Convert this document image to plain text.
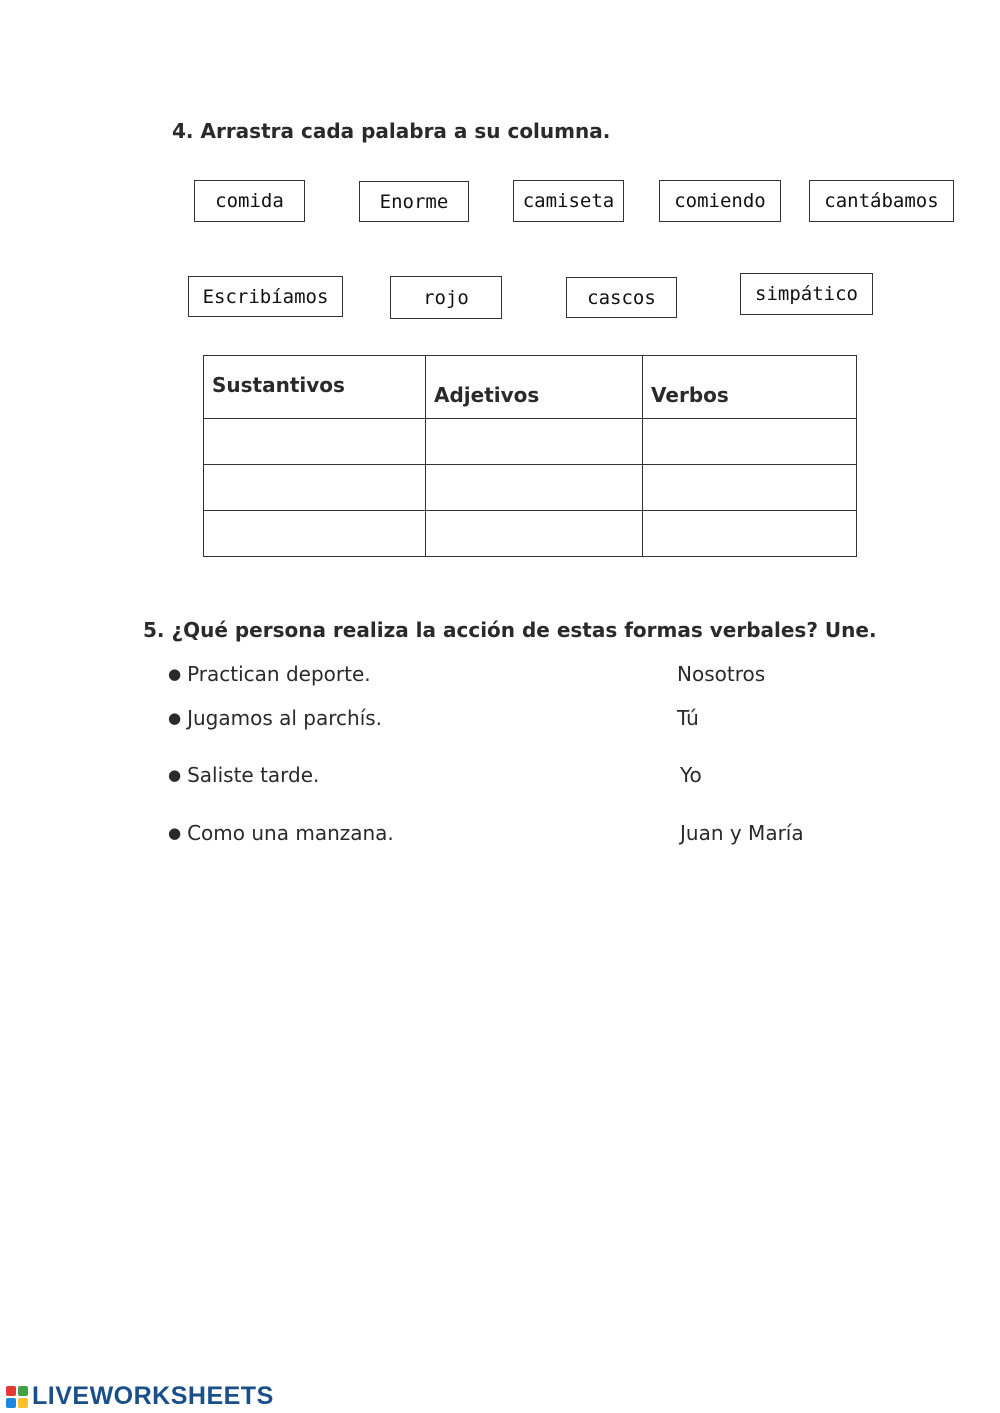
4. Arrastra cada palabra a su columna.
comida	Enorme	camiseta	comiendo	cantábamos
Escribíamos	rojo	cascos	simpático
Sustantivos	Adjetivos	Verbos

5. ¿Qué persona realiza la acción de estas formas verbales? Une.
● Practican deporte.
● Jugamos al parchís.
● Saliste tarde.
● Como una manzana.
Nosotros
Tú
Yo
Juan y María
LIVEWORKSHEETS
